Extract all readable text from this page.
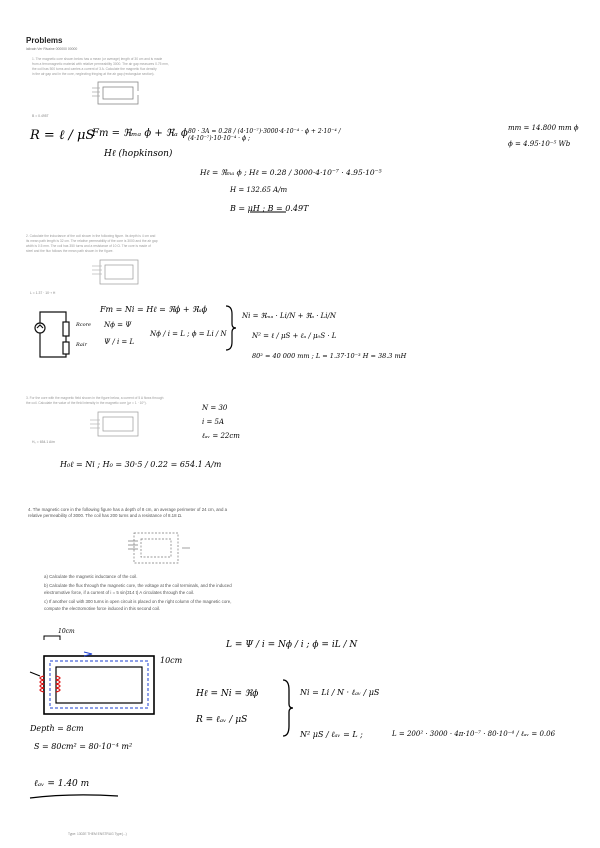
Problems
lalivain Ver Rivaine 000000 00000
1. The magnetic core shown below has a mean (or average) length of 30 cm and is made
from a ferromagnetic material with relative permeability 3000. The air gap measures 0.75 mm,
the coil has 500 turns and carries a current of 3 A. Calculate the magnetic flux density
in the air gap and in the core, neglecting fringing at the air gap (rectangular section).
B = 0.495T
2. Calculate the inductance of the coil shown in the following figure. Its depth is 4 cm and
its mean path length is 32 cm. The relative permeability of the core is 3000 and the air gap
width is 0.5 mm. The coil has 350 turns and a resistance of 10 Ω. The core is made of
steel and the flux follows the mean path shown in the figure.
L = 1.37 · 10⁻³ H
3. For the core with the magnetic field shown in the figure below, a current of 5 A flows through
the coil. Calculate the value of the field intensity in the magnetic core (μr = 1 · 10⁵).
H₀ = 654.1 A/m
4. The magnetic core in the following figure has a depth of 8 cm, an average perimeter of 24 cm, and a
relative permeability of 3000. The coil has 200 turns and a resistance of 8.18 Ω.
a) Calculate the magnetic inductance of the coil.
b) Calculate the flux through the magnetic core, the voltage at the coil terminals, and the induced
electromotive force, if a current of i = 5 sin(314 t) A circulates through the coil.
c) If another coil with 300 turns in open circuit is placed on the right column of the magnetic core,
compute the electromotive force induced in this second coil.
R = ℓ / μS
Fm = ℜₘₐ ϕ + ℜₐ ϕ
Hℓ (hopkinson)
80 · 3A = 0.28 / (4·10⁻⁷)·3000·4·10⁻⁴ · ϕ + 2·10⁻⁴ / (4·10⁻⁷)·10·10⁻⁴ · ϕ ;
mm = 14.800 mm ϕ
ϕ = 4.95·10⁻⁵ Wb
Hℓ = ℜₘₐ ϕ ; Hℓ = 0.28 / 3000·4·10⁻⁷ · 4.95·10⁻⁵
H = 132.65 A/m
B = μH ; B = 0.49T
Fm = Ni = Hℓ = ℜϕ + ℜₐϕ
Nϕ = Ψ
Ψ / i = L
Nϕ / i = L ; ϕ = Li / N
Ni = ℜₘₐ · Li/N + ℜₐ · Li/N
N² = ℓ / μS + ℓₐ / μ₀S · L
80² = 40 000 mm ; L = 1.37·10⁻³ H = 38.3 mH
Rcore
Rair
N = 30
i = 5A
ℓₐᵥ = 22cm
H₀ℓ = Ni ; H₀ = 30·5 / 0.22 = 654.1 A/m
10cm
10cm
L = Ψ / i = Nϕ / i ; ϕ = iL / N
Hℓ = Ni = ℜϕ
R = ℓₐᵥ / μS
Ni = Li / N · ℓₐᵥ / μS
N² μS / ℓₐᵥ = L ;	L = 200² · 3000 · 4π·10⁻⁷ · 80·10⁻⁴ / ℓₐᵥ = 0.06
Depth = 8cm
S = 80cm² = 80·10⁻⁴ m²
ℓₐᵥ = 1.40 m
Type: 1302E THEM ENSTRUG Type(...)
